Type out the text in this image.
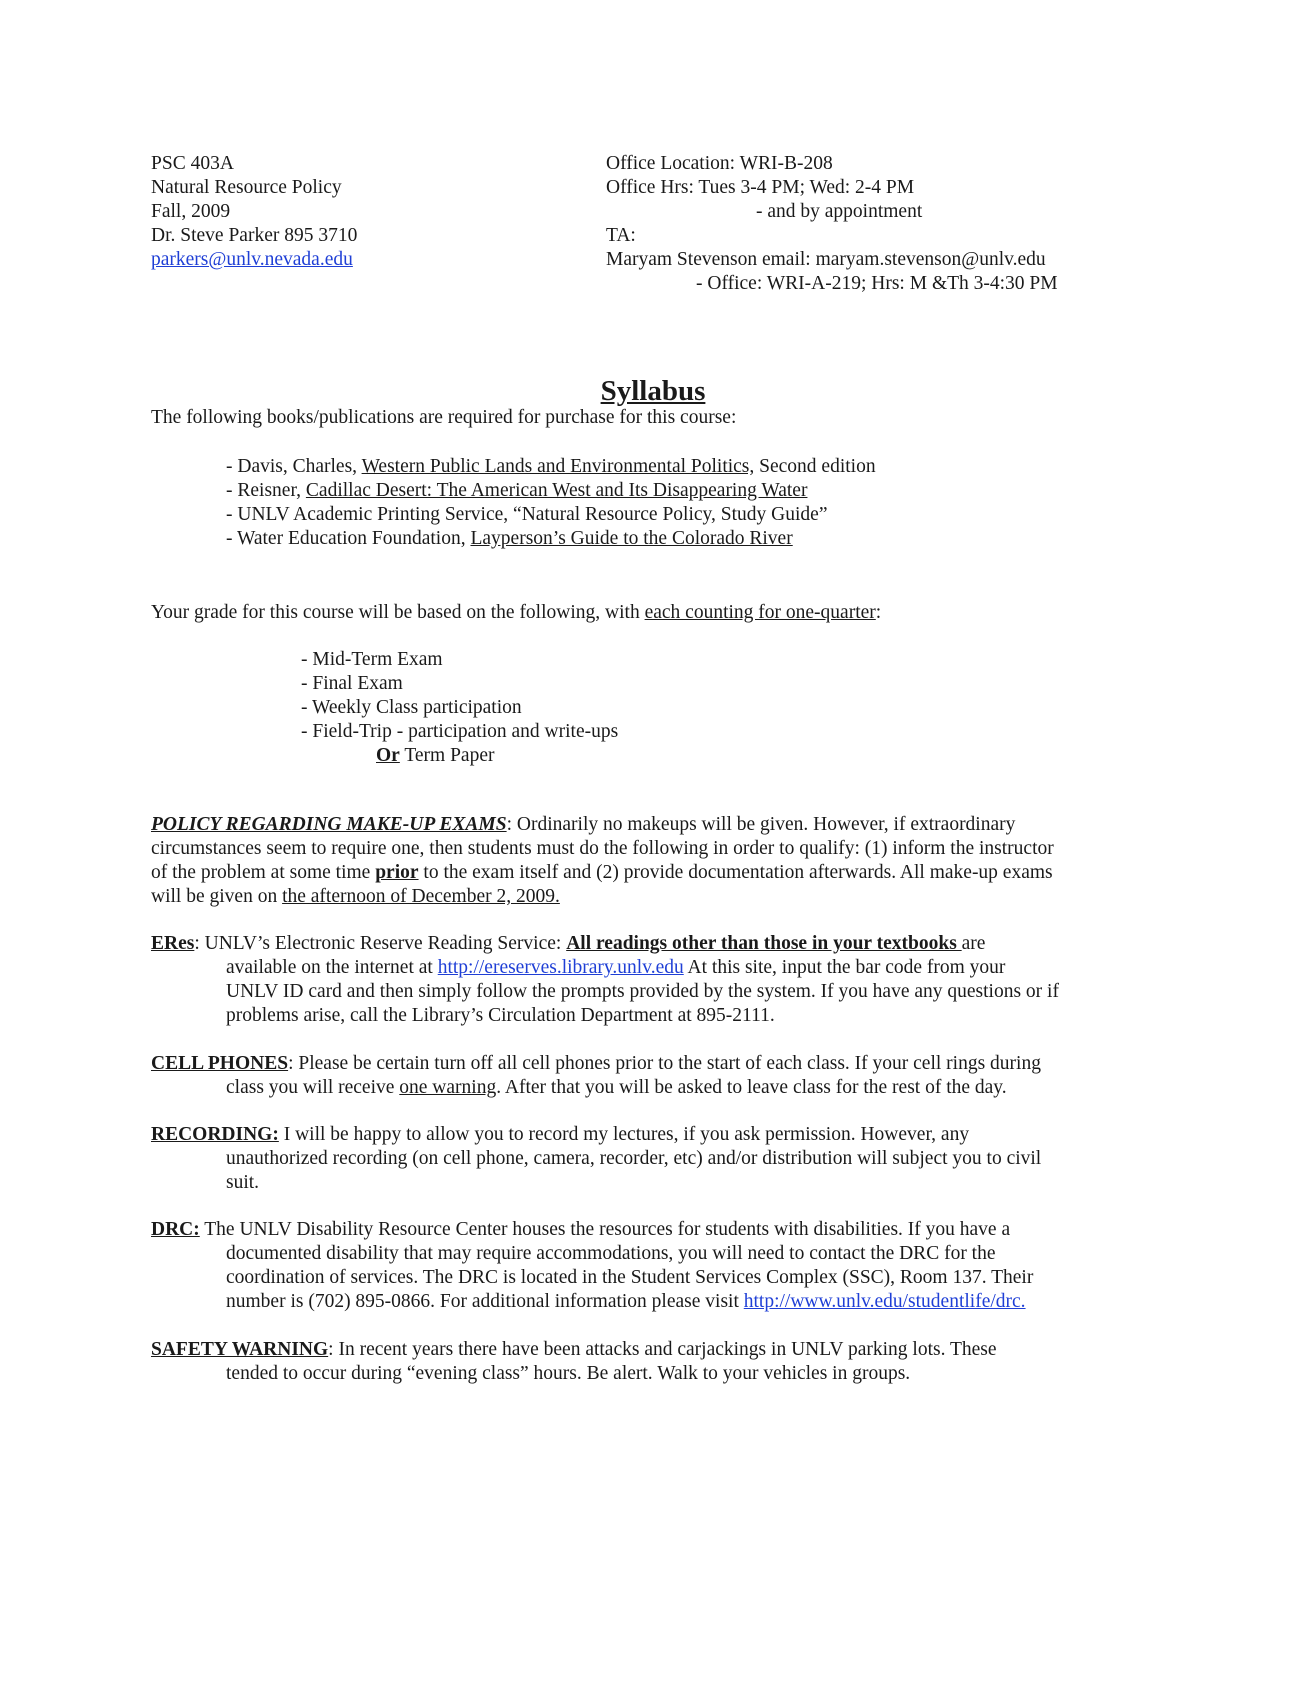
PSC 403A
Natural Resource Policy
Fall, 2009
Dr. Steve Parker 895 3710
parkers@unlv.nevada.edu
Office Location: WRI-B-208
Office Hrs: Tues 3-4 PM; Wed: 2-4 PM
- and by appointment
TA:
Maryam Stevenson email: maryam.stevenson@unlv.edu
- Office: WRI-A-219; Hrs: M &Th 3-4:30 PM
Syllabus
The following books/publications are required for purchase for this course:
- Davis, Charles, Western Public Lands and Environmental Politics, Second edition
- Reisner, Cadillac Desert: The American West and Its Disappearing Water
- UNLV Academic Printing Service, “Natural Resource Policy, Study Guide”
- Water Education Foundation, Layperson’s Guide to the Colorado River
Your grade for this course will be based on the following, with each counting for one-quarter:
- Mid-Term Exam
- Final Exam
- Weekly Class participation
- Field-Trip - participation and write-ups
Or Term Paper
POLICY REGARDING MAKE-UP EXAMS: Ordinarily no makeups will be given. However, if extraordinary
circumstances seem to require one, then students must do the following in order to qualify: (1) inform the instructor
of the problem at some time prior to the exam itself and (2) provide documentation afterwards. All make-up exams
will be given on the afternoon of December 2, 2009.
ERes: UNLV’s Electronic Reserve Reading Service: All readings other than those in your textbooks are
available on the internet at http://ereserves.library.unlv.edu At this site, input the bar code from your
UNLV ID card and then simply follow the prompts provided by the system. If you have any questions or if
problems arise, call the Library’s Circulation Department at 895-2111.
CELL PHONES: Please be certain turn off all cell phones prior to the start of each class. If your cell rings during
class you will receive one warning. After that you will be asked to leave class for the rest of the day.
RECORDING: I will be happy to allow you to record my lectures, if you ask permission. However, any
unauthorized recording (on cell phone, camera, recorder, etc) and/or distribution will subject you to civil
suit.
DRC: The UNLV Disability Resource Center houses the resources for students with disabilities. If you have a
documented disability that may require accommodations, you will need to contact the DRC for the
coordination of services. The DRC is located in the Student Services Complex (SSC), Room 137. Their
number is (702) 895-0866. For additional information please visit http://www.unlv.edu/studentlife/drc.
SAFETY WARNING: In recent years there have been attacks and carjackings in UNLV parking lots. These
tended to occur during “evening class” hours. Be alert. Walk to your vehicles in groups.
